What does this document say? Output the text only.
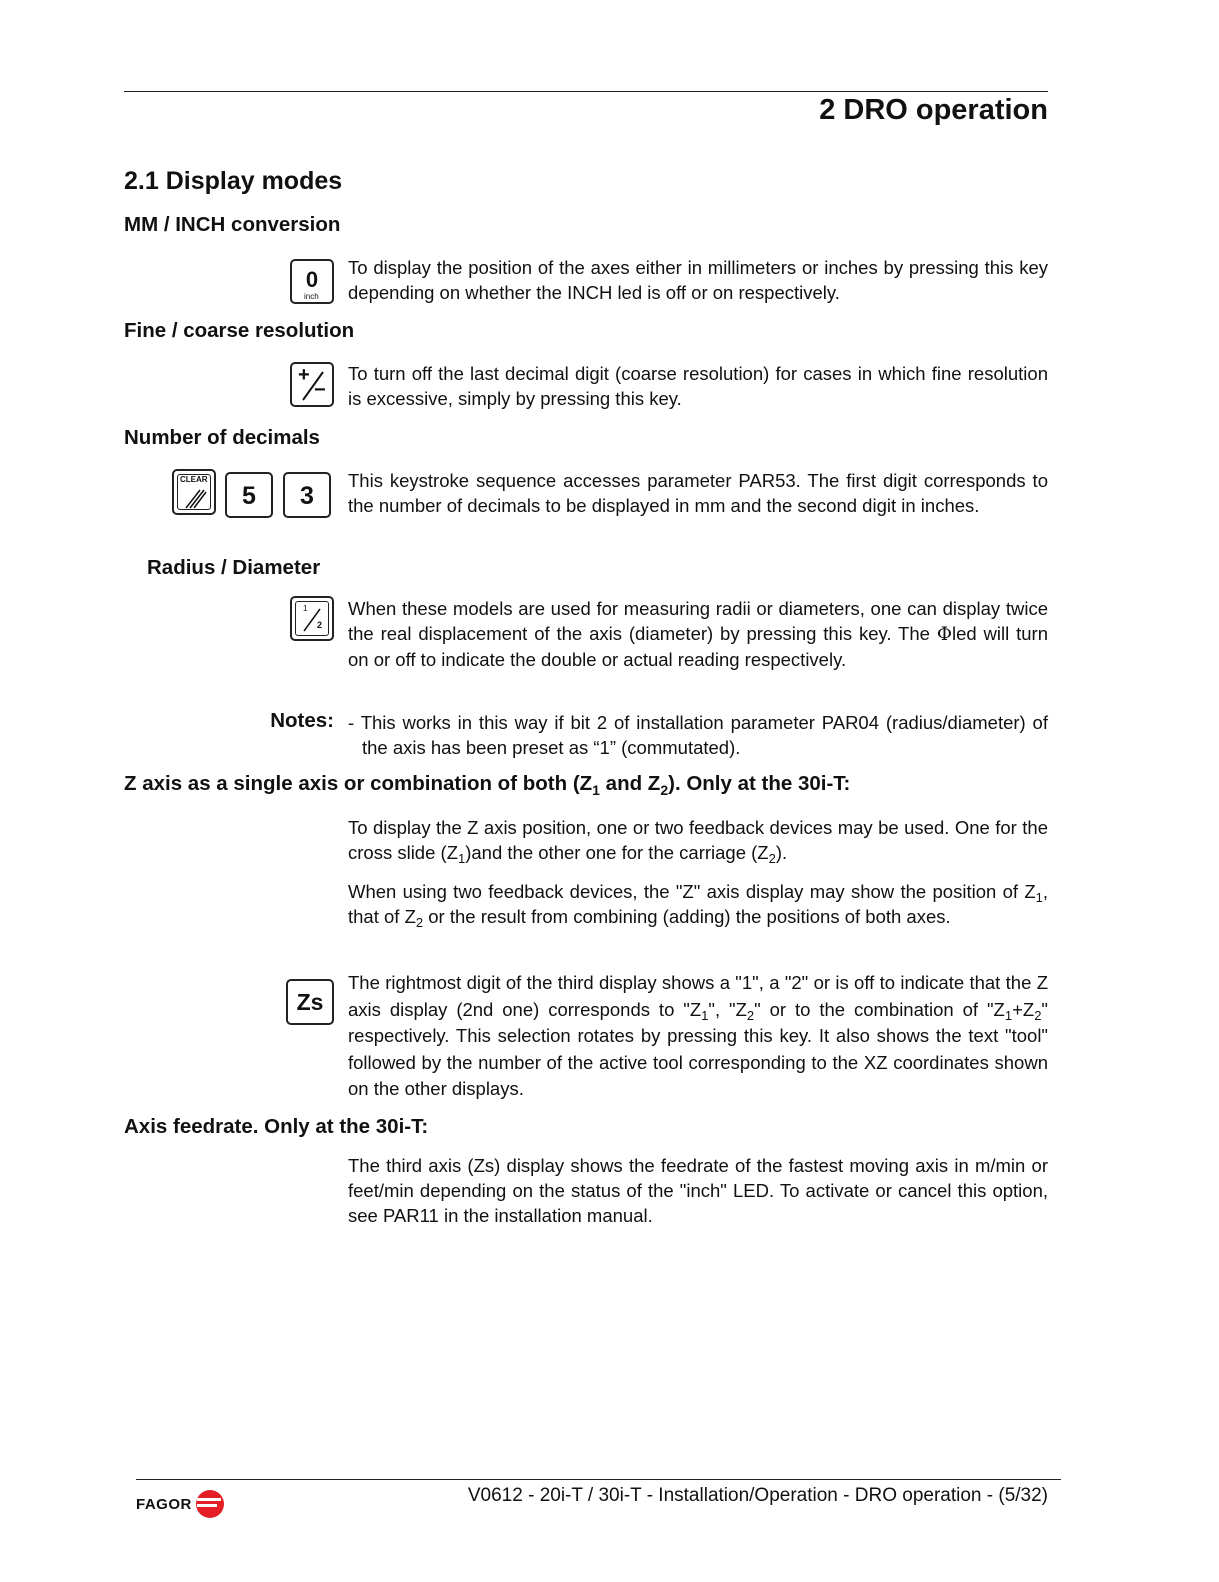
2 DRO operation
2.1 Display modes
MM / INCH conversion
0
inch
To display the position of the axes either in millimeters or inches by pressing this key depending on whether the INCH led is off or on respectively.
Fine / coarse resolution
+
−
To turn off the last decimal digit (coarse resolution) for cases in which fine resolution is excessive, simply by pressing this key.
Number of decimals
CLEAR
5	3
This keystroke sequence accesses parameter PAR53. The first digit corresponds to the number of decimals to be displayed in mm and the second digit in inches.
Radius / Diameter
1
2
When these models are used for measuring radii or diameters, one can display twice the real displacement of the axis (diameter) by pressing this key. The Φled will turn on or off to indicate the double or actual reading respectively.
Notes: - This works in this way if bit 2 of installation parameter PAR04 (radius/diameter) of the axis has been preset as “1” (commutated).
Z axis as a single axis or combination of both ($Z_1$ and $Z_2$). Only at the 30i-T:
To display the Z axis position, one or two feedback devices may be used. One for the cross slide $(Z_1)and$ the other one for the carriage $(Z_2)$.
When using two feedback devices, the "Z" axis display may show the position of $Z_1$, that of $Z_2$ or the result from combining (adding) the positions of both axes.
Zs
The rightmost digit of the third display shows a "1", a "2" or is off to indicate that the Z axis display (2nd one) corresponds to "$Z_1$", "$Z_2$" or to the combination of "$Z_1+Z_2$" respectively. This selection rotates by pressing this key. It also shows the text "tool" followed by the number of the active tool corresponding to the XZ coordinates shown on the other displays.
Axis feedrate. Only at the 30i-T:
The third axis (Zs) display shows the feedrate of the fastest moving axis in m/min or feet/min depending on the status of the "inch" LED. To activate or cancel this option, see PAR11 in the installation manual.
FAGOR	V0612 - 20i-T / 30i-T - Installation/Operation - DRO operation - (5/32)
